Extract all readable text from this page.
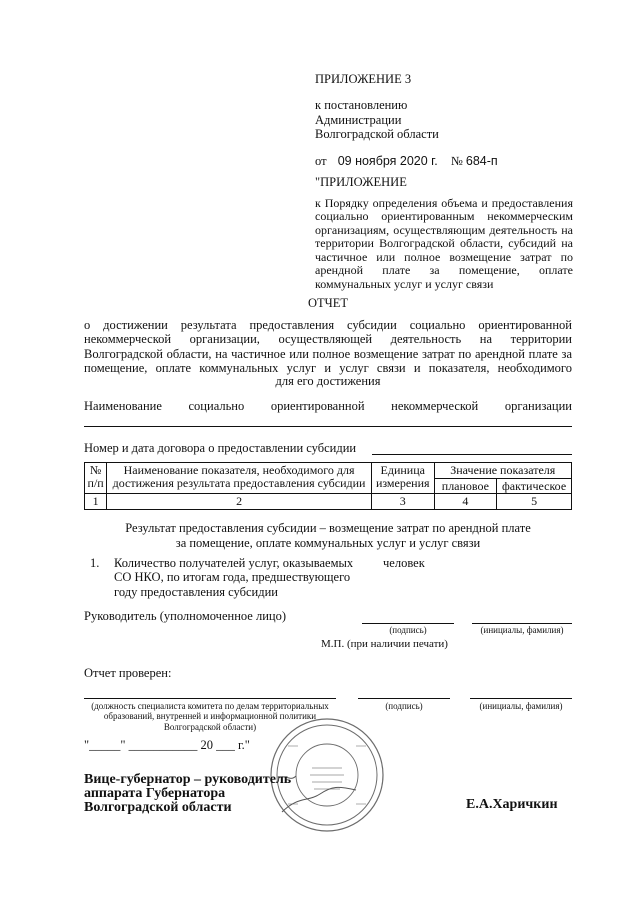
ПРИЛОЖЕНИЕ 3
к постановлению
Администрации
Волгоградской области
от 09 ноября 2020 г. № 684-п
"ПРИЛОЖЕНИЕ
к Порядку определения объема и предоставления социально ориентированным некоммерческим организациям, осуществляющим деятельность на территории Волгоградской области, субсидий на частичное или полное возмещение затрат по арендной плате за помещение, оплате коммунальных услуг и услуг связи
ОТЧЕТ
о достижении результата предоставления субсидии социально ориентированной некоммерческой организации, осуществляющей деятельность на территории Волгоградской области, на частичное или полное возмещение затрат по арендной плате за помещение, оплате коммунальных услуг и услуг связи и показателя, необходимого
для его достижения
Наименование социально ориентированной некоммерческой организации
Номер и дата договора о предоставлении субсидии
№ п/п	Наименование показателя, необходимого для достижения результата предоставления субсидии	Единица измерения	Значение показателя	
			плановое	фактическое
1	2	3	4	5
Результат предоставления субсидии – возмещение затрат по арендной плате
за помещение, оплате коммунальных услуг и услуг связи
1. Количество получателей услуг, оказываемых СО НКО, по итогам года, предшествующего году предоставления субсидии
человек
Руководитель (уполномоченное лицо)
(подпись)	(инициалы, фамилия)
М.П. (при наличии печати)
Отчет проверен:
(должность специалиста комитета по делам территориальных образований, внутренней и информационной политики Волгоградской области)
(подпись)	(инициалы, фамилия)
"_____" ___________ 20 ___ г."
Вице-губернатор – руководитель
аппарата Губернатора
Волгоградской области	Е.А.Харичкин
